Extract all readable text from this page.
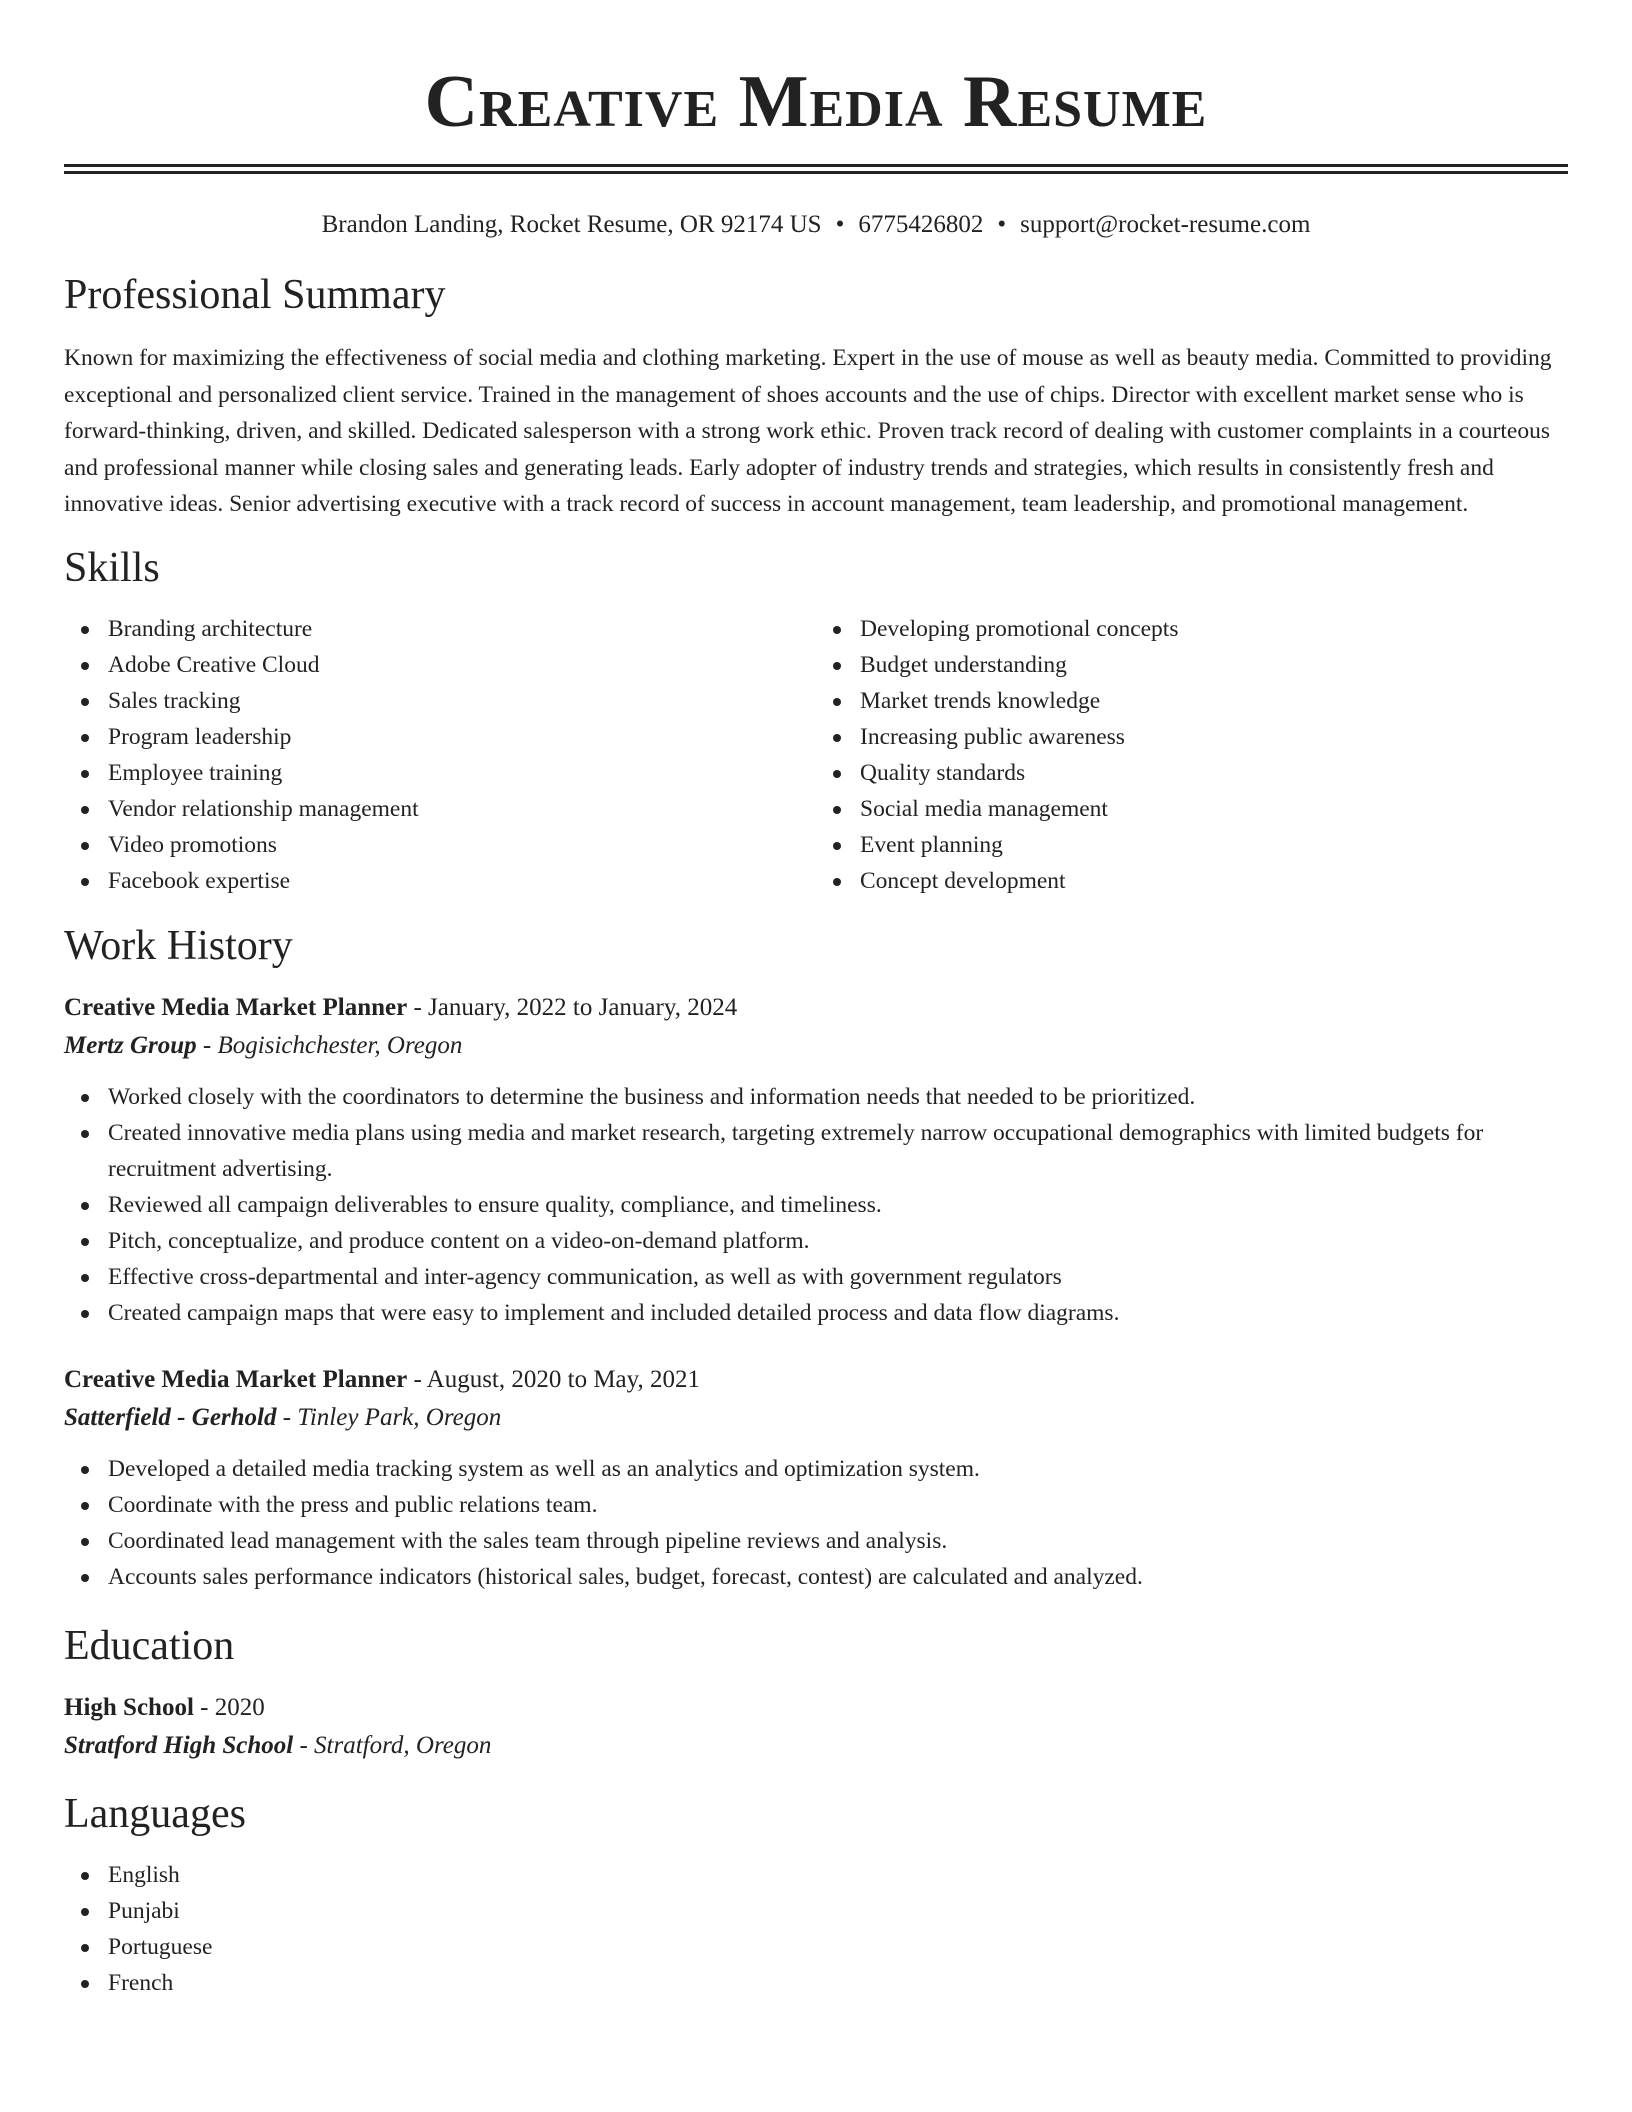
Creative Media Resume
Brandon Landing, Rocket Resume, OR 92174 US • 6775426802 • support@rocket-resume.com
Professional Summary

Known for maximizing the effectiveness of social media and clothing marketing. Expert in the use of mouse as well as beauty media. Committed to providing exceptional and personalized client service. Trained in the management of shoes accounts and the use of chips. Director with excellent market sense who is forward-thinking, driven, and skilled. Dedicated salesperson with a strong work ethic. Proven track record of dealing with customer complaints in a courteous and professional manner while closing sales and generating leads. Early adopter of industry trends and strategies, which results in consistently fresh and innovative ideas. Senior advertising executive with a track record of success in account management, team leadership, and promotional management.

Skills
Branding architecture
Adobe Creative Cloud
Sales tracking
Program leadership
Employee training
Vendor relationship management
Video promotions
Facebook expertise
Developing promotional concepts
Budget understanding
Market trends knowledge
Increasing public awareness
Quality standards
Social media management
Event planning
Concept development
Work History
Creative Media Market Planner - January, 2022 to January, 2024
Mertz Group - Bogisichchester, Oregon
Worked closely with the coordinators to determine the business and information needs that needed to be prioritized.
Created innovative media plans using media and market research, targeting extremely narrow occupational demographics with limited budgets for recruitment advertising.
Reviewed all campaign deliverables to ensure quality, compliance, and timeliness.
Pitch, conceptualize, and produce content on a video-on-demand platform.
Effective cross-departmental and inter-agency communication, as well as with government regulators
Created campaign maps that were easy to implement and included detailed process and data flow diagrams.
Creative Media Market Planner - August, 2020 to May, 2021
Satterfield - Gerhold - Tinley Park, Oregon
Developed a detailed media tracking system as well as an analytics and optimization system.
Coordinate with the press and public relations team.
Coordinated lead management with the sales team through pipeline reviews and analysis.
Accounts sales performance indicators (historical sales, budget, forecast, contest) are calculated and analyzed.
Education
High School - 2020
Stratford High School - Stratford, Oregon
Languages
English
Punjabi
Portuguese
French
